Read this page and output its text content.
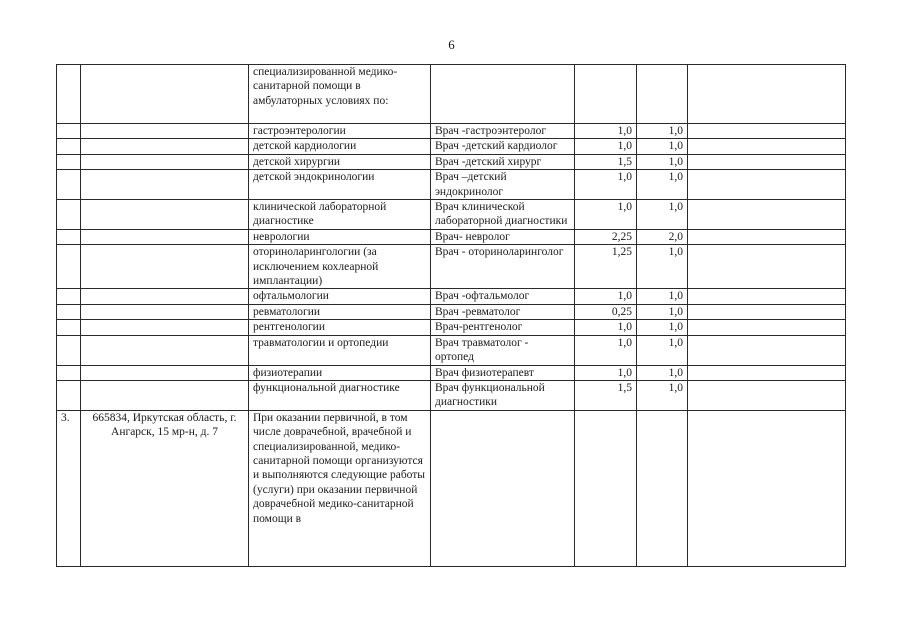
6
		специализированной медико-санитарной помощи в амбулаторных условиях по:				
		гастроэнтерологии	Врач -гастроэнтеролог	1,0	1,0	
		детской кардиологии	Врач -детский кардиолог	1,0	1,0	
		детской хирургии	Врач -детский хирург	1,5	1,0	
		детской эндокринологии	Врач –детский эндокринолог	1,0	1,0	
		клинической лабораторной диагностике	Врач клинической лабораторной диагностики	1,0	1,0	
		неврологии	Врач- невролог	2,25	2,0	
		оториноларингологии (за исключением кохлеарной имплантации)	Врач - оториноларинголог	1,25	1,0	
		офтальмологии	Врач -офтальмолог	1,0	1,0	
		ревматологии	Врач -ревматолог	0,25	1,0	
		рентгенологии	Врач-рентгенолог	1,0	1,0	
		травматологии и ортопедии	Врач травматолог - ортопед	1,0	1,0	
		физиотерапии	Врач физиотерапевт	1,0	1,0	
		функциональной диагностике	Врач функциональной диагностики	1,5	1,0	
3.	665834, Иркутская область, г. Ангарск, 15 мр-н, д. 7	При оказании первичной, в том числе доврачебной, врачебной и специализированной, медико-санитарной помощи организуются и выполняются следующие работы (услуги) при оказании первичной доврачебной медико-санитарной помощи в				
